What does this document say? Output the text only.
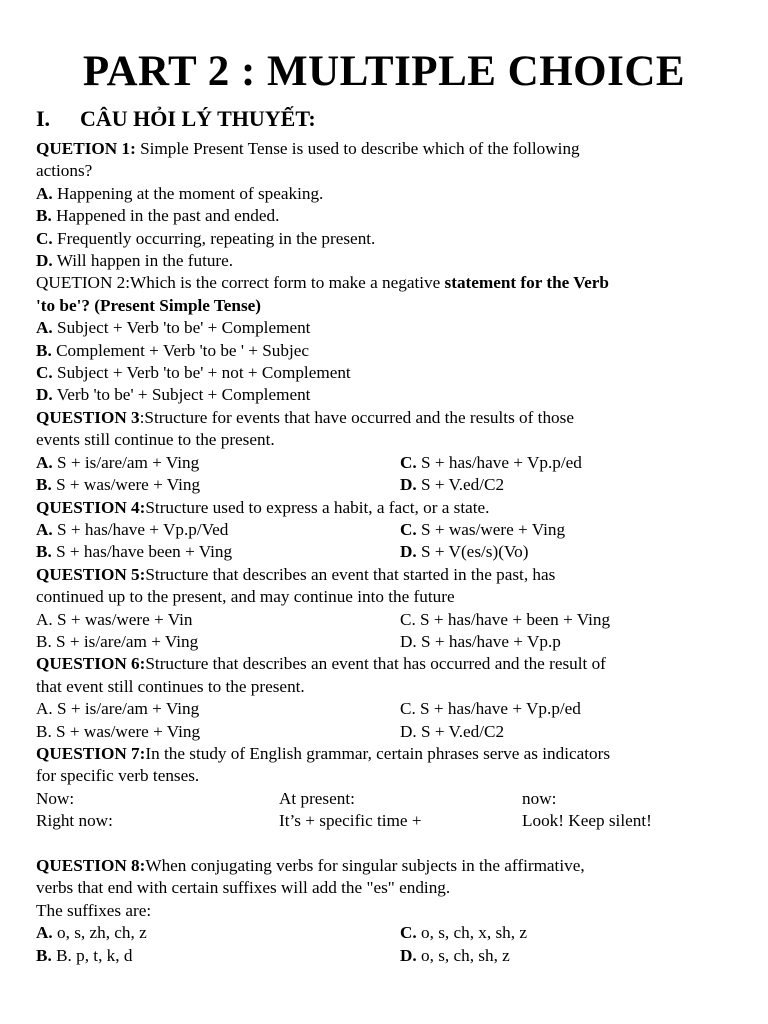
PART 2 : MULTIPLE CHOICE
I. CÂU HỎI LÝ THUYẾT:
QUETION 1: Simple Present Tense is used to describe which of the following
actions?
A. Happening at the moment of speaking.
B. Happened in the past and ended.
C. Frequently occurring, repeating in the present.
D. Will happen in the future.
QUETION 2:Which is the correct form to make a negative statement for the Verb
'to be'? (Present Simple Tense)
A. Subject + Verb 'to be' + Complement
B. Complement + Verb 'to be ' + Subjec
C. Subject + Verb 'to be' + not + Complement
D. Verb 'to be' + Subject + Complement
QUESTION 3:Structure for events that have occurred and the results of those
events still continue to the present.
A. S + is/are/am + Ving	C. S + has/have + Vp.p/ed
B. S + was/were + Ving	D. S + V.ed/C2
QUESTION 4:Structure used to express a habit, a fact, or a state.
A. S + has/have + Vp.p/Ved	C. S + was/were + Ving
B. S + has/have been + Ving	D. S + V(es/s)(Vo)
QUESTION 5:Structure that describes an event that started in the past, has
continued up to the present, and may continue into the future
A. S + was/were + Vin	C. S + has/have + been + Ving
B. S + is/are/am + Ving	D. S + has/have + Vp.p
QUESTION 6:Structure that describes an event that has occurred and the result of
that event still continues to the present.
A. S + is/are/am + Ving	C. S + has/have + Vp.p/ed
B. S + was/were + Ving	D. S + V.ed/C2
QUESTION 7:In the study of English grammar, certain phrases serve as indicators
for specific verb tenses.
Now:	At present:	now:
Right now:	It’s + specific time +	Look! Keep silent!
QUESTION 8:When conjugating verbs for singular subjects in the affirmative,
verbs that end with certain suffixes will add the "es" ending.
The suffixes are:
A. o, s, zh, ch, z	C. o, s, ch, x, sh, z
B. B. p, t, k, d	D. o, s, ch, sh, z
